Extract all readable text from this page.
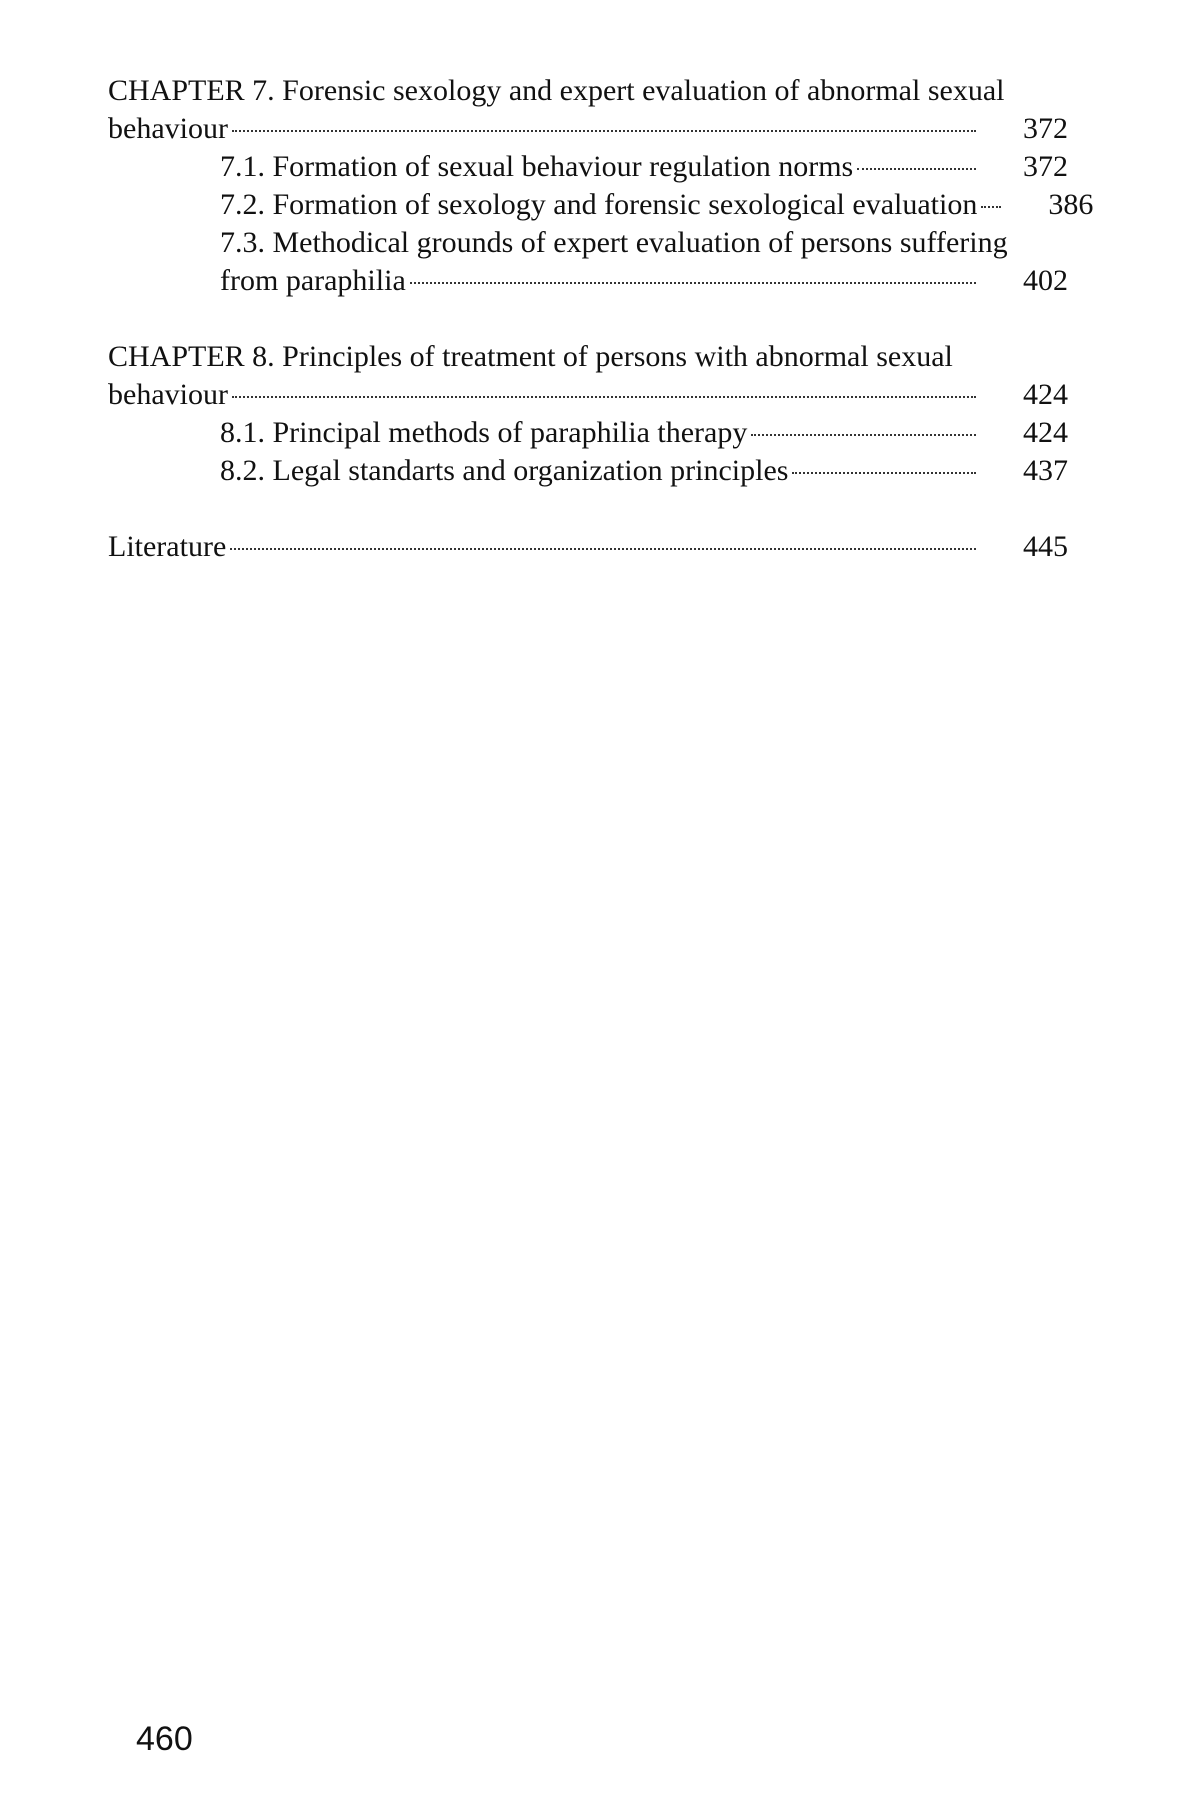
CHAPTER 7. Forensic sexology and expert evaluation of abnormal sexual
behaviour	372
7.1. Formation of sexual behaviour regulation norms	372
7.2. Formation of sexology and forensic sexological evaluation	386
7.3. Methodical grounds of expert evaluation of persons suffering
from paraphilia	402
CHAPTER 8. Principles of treatment of persons with abnormal sexual
behaviour	424
8.1. Principal methods of paraphilia therapy	424
8.2. Legal standarts and organization principles	437
Literature	445
460
